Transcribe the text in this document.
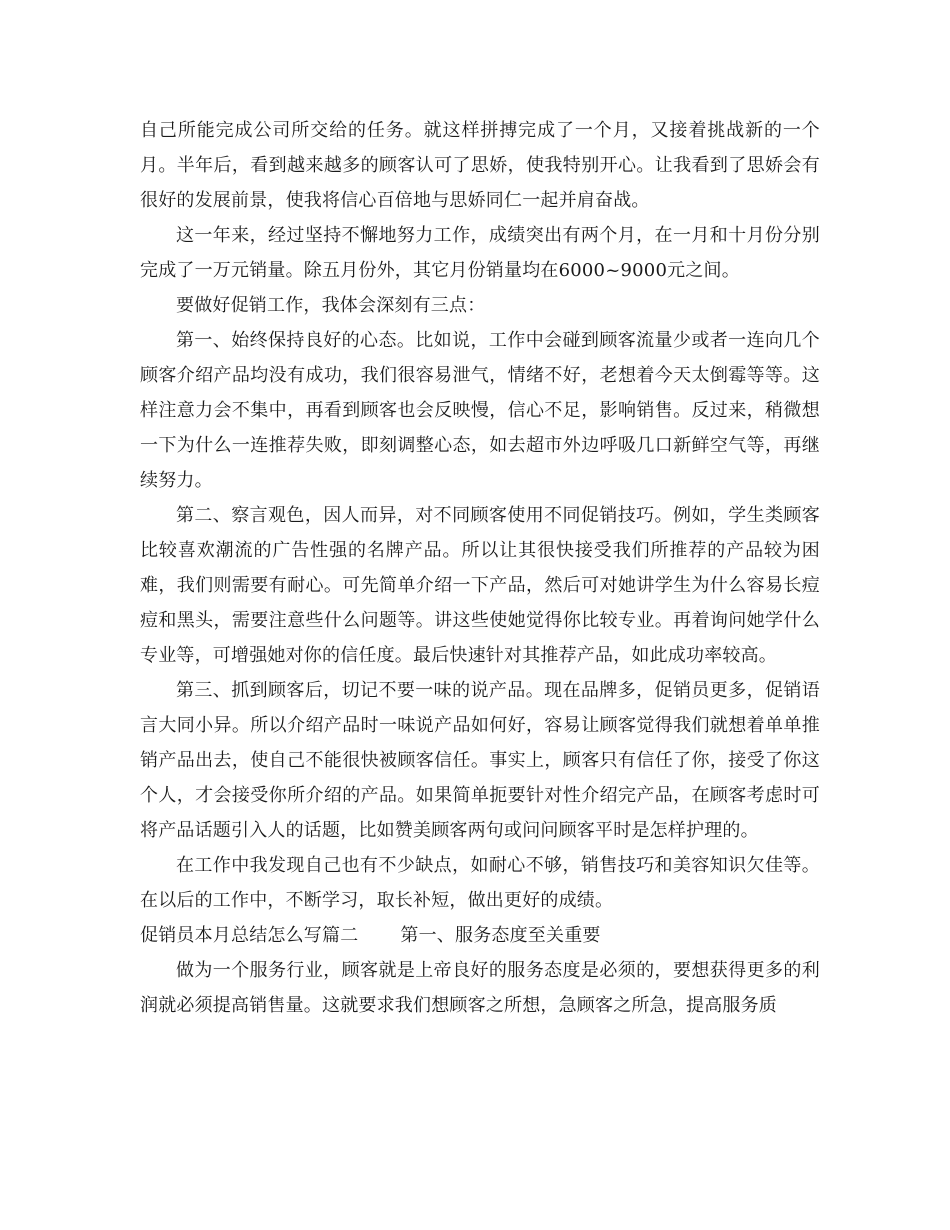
自己所能完成公司所交给的任务。就这样拼搏完成了一个月，又接着挑战新的一个月。半年后，看到越来越多的顾客认可了思娇，使我特别开心。让我看到了思娇会有很好的发展前景，使我将信心百倍地与思娇同仁一起并肩奋战。

这一年来，经过坚持不懈地努力工作，成绩突出有两个月，在一月和十月份分别完成了一万元销量。除五月份外，其它月份销量均在6000~9000元之间。

要做好促销工作，我体会深刻有三点：

第一、始终保持良好的心态。比如说，工作中会碰到顾客流量少或者一连向几个顾客介绍产品均没有成功，我们很容易泄气，情绪不好，老想着今天太倒霉等等。这样注意力会不集中，再看到顾客也会反映慢，信心不足，影响销售。反过来，稍微想一下为什么一连推荐失败，即刻调整心态，如去超市外边呼吸几口新鲜空气等，再继续努力。

第二、察言观色，因人而异，对不同顾客使用不同促销技巧。例如，学生类顾客比较喜欢潮流的广告性强的名牌产品。所以让其很快接受我们所推荐的产品较为困难，我们则需要有耐心。可先简单介绍一下产品，然后可对她讲学生为什么容易长痘痘和黑头，需要注意些什么问题等。讲这些使她觉得你比较专业。再着询问她学什么专业等，可增强她对你的信任度。最后快速针对其推荐产品，如此成功率较高。

第三、抓到顾客后，切记不要一味的说产品。现在品牌多，促销员更多，促销语言大同小异。所以介绍产品时一味说产品如何好，容易让顾客觉得我们就想着单单推销产品出去，使自己不能很快被顾客信任。事实上，顾客只有信任了你，接受了你这个人，才会接受你所介绍的产品。如果简单扼要针对性介绍完产品，在顾客考虑时可将产品话题引入人的话题，比如赞美顾客两句或问问顾客平时是怎样护理的。

在工作中我发现自己也有不少缺点，如耐心不够，销售技巧和美容知识欠佳等。在以后的工作中，不断学习，取长补短，做出更好的成绩。

促销员本月总结怎么写篇二 第一、服务态度至关重要

做为一个服务行业，顾客就是上帝良好的服务态度是必须的，要想获得更多的利润就必须提高销售量。这就要求我们想顾客之所想，急顾客之所急，提高服务质
